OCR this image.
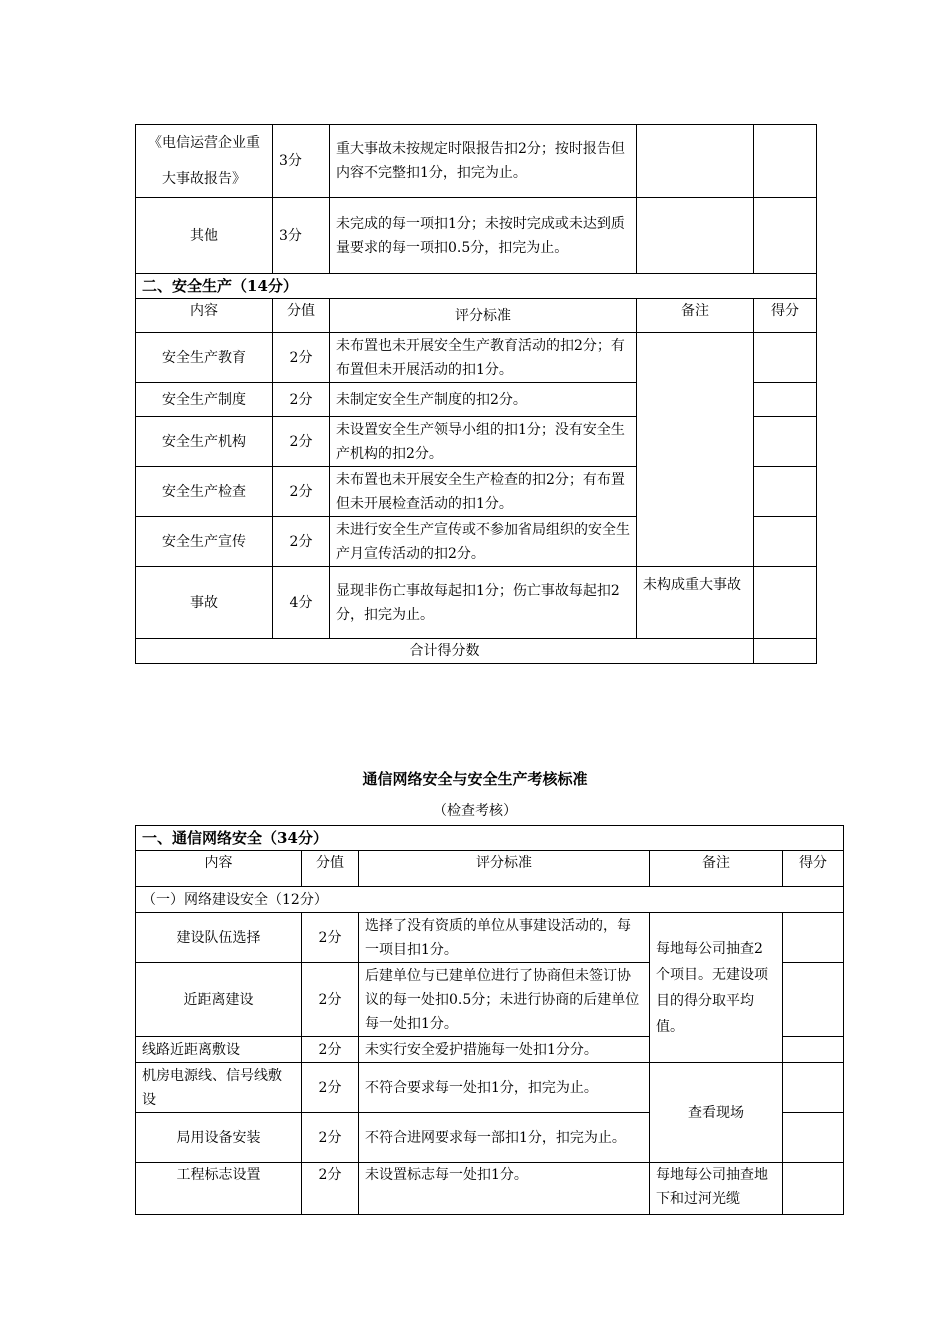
《电信运营企业重大事故报告》	3分	重大事故未按规定时限报告扣2分；按时报告但内容不完整扣1分，扣完为止。		
其他	3分	未完成的每一项扣1分；未按时完成或未达到质量要求的每一项扣0.5分，扣完为止。		
二、安全生产（14分）				
内容	分值	评分标准	备注	得分
安全生产教育	2分	未布置也未开展安全生产教育活动的扣2分；有布置但未开展活动的扣1分。		
安全生产制度	2分	未制定安全生产制度的扣2分。		
安全生产机构	2分	未设置安全生产领导小组的扣1分；没有安全生产机构的扣2分。		
安全生产检查	2分	未布置也未开展安全生产检查的扣2分；有布置但未开展检查活动的扣1分。		
安全生产宣传	2分	未进行安全生产宣传或不参加省局组织的安全生产月宣传活动的扣2分。		
事故	4分	显现非伤亡事故每起扣1分；伤亡事故每起扣2分，扣完为止。	未构成重大事故	
合计得分数				
通信网络安全与安全生产考核标准
（检查考核）
一、通信网络安全（34分）				
内容	分值	评分标准	备注	得分
（一）网络建设安全（12分）				
建设队伍选择	2分	选择了没有资质的单位从事建设活动的，每一项目扣1分。	每地每公司抽查2个项目。无建设项目的得分取平均值。	
近距离建设	2分	后建单位与已建单位进行了协商但未签订协议的每一处扣0.5分；未进行协商的后建单位每一处扣1分。		
线路近距离敷设	2分	未实行安全爱护措施每一处扣1分分。		
机房电源线、信号线敷设	2分	不符合要求每一处扣1分，扣完为止。	查看现场	
局用设备安装	2分	不符合进网要求每一部扣1分，扣完为止。		
工程标志设置	2分	未设置标志每一处扣1分。	每地每公司抽查地下和过河光缆	
